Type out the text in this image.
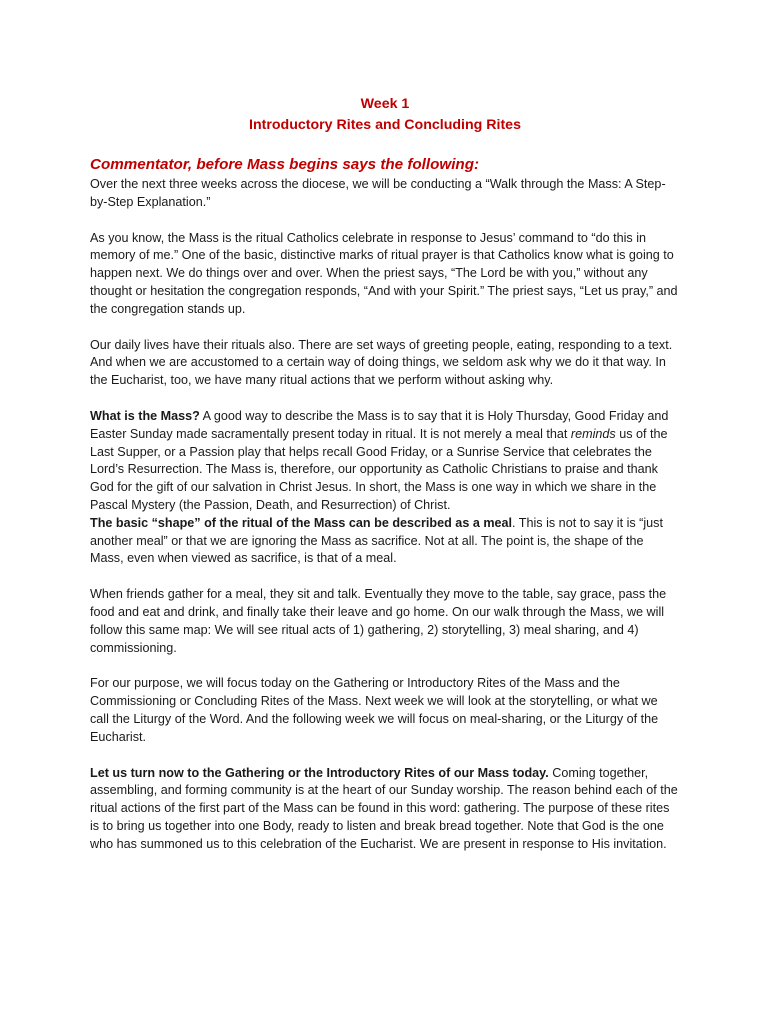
Week 1
Introductory Rites and Concluding Rites
Commentator, before Mass begins says the following:

Over the next three weeks across the diocese, we will be conducting a “Walk through the Mass: A Step-by-Step Explanation.”

As you know, the Mass is the ritual Catholics celebrate in response to Jesus’ command to “do this in memory of me.” One of the basic, distinctive marks of ritual prayer is that Catholics know what is going to happen next. We do things over and over. When the priest says, “The Lord be with you,” without any thought or hesitation the congregation responds, “And with your Spirit.” The priest says, “Let us pray,” and the congregation stands up.

Our daily lives have their rituals also. There are set ways of greeting people, eating, responding to a text. And when we are accustomed to a certain way of doing things, we seldom ask why we do it that way. In the Eucharist, too, we have many ritual actions that we perform without asking why.

What is the Mass? A good way to describe the Mass is to say that it is Holy Thursday, Good Friday and Easter Sunday made sacramentally present today in ritual. It is not merely a meal that reminds us of the Last Supper, or a Passion play that helps recall Good Friday, or a Sunrise Service that celebrates the Lord’s Resurrection. The Mass is, therefore, our opportunity as Catholic Christians to praise and thank God for the gift of our salvation in Christ Jesus. In short, the Mass is one way in which we share in the Pascal Mystery (the Passion, Death, and Resurrection) of Christ.

The basic “shape” of the ritual of the Mass can be described as a meal. This is not to say it is “just another meal” or that we are ignoring the Mass as sacrifice. Not at all. The point is, the shape of the Mass, even when viewed as sacrifice, is that of a meal.

When friends gather for a meal, they sit and talk. Eventually they move to the table, say grace, pass the food and eat and drink, and finally take their leave and go home. On our walk through the Mass, we will follow this same map: We will see ritual acts of 1) gathering, 2) storytelling, 3) meal sharing, and 4) commissioning.

For our purpose, we will focus today on the Gathering or Introductory Rites of the Mass and the Commissioning or Concluding Rites of the Mass. Next week we will look at the storytelling, or what we call the Liturgy of the Word. And the following week we will focus on meal-sharing, or the Liturgy of the Eucharist.

Let us turn now to the Gathering or the Introductory Rites of our Mass today. Coming together, assembling, and forming community is at the heart of our Sunday worship. The reason behind each of the ritual actions of the first part of the Mass can be found in this word: gathering. The purpose of these rites is to bring us together into one Body, ready to listen and break bread together. Note that God is the one who has summoned us to this celebration of the Eucharist. We are present in response to His invitation.
